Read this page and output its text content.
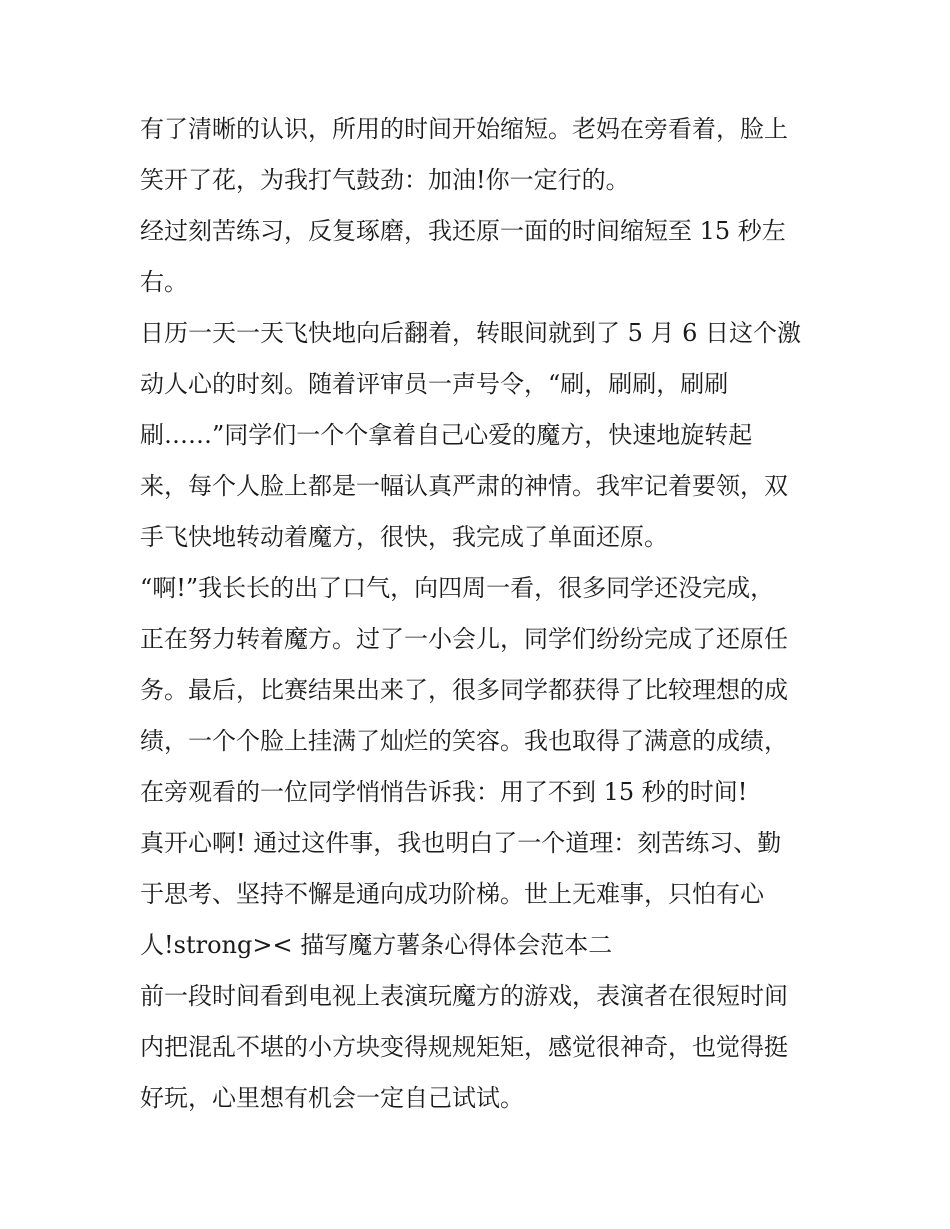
有了清晰的认识，所用的时间开始缩短。老妈在旁看着，脸上

笑开了花，为我打气鼓劲：加油!你一定行的。

经过刻苦练习，反复琢磨，我还原一面的时间缩短至 15 秒左

右。

日历一天一天飞快地向后翻着，转眼间就到了 5 月 6 日这个激

动人心的时刻。随着评审员一声号令，“刷，刷刷，刷刷

刷……”同学们一个个拿着自己心爱的魔方，快速地旋转起

来，每个人脸上都是一幅认真严肃的神情。我牢记着要领，双

手飞快地转动着魔方，很快，我完成了单面还原。

“啊!”我长长的出了口气，向四周一看，很多同学还没完成，

正在努力转着魔方。过了一小会儿，同学们纷纷完成了还原任

务。最后，比赛结果出来了，很多同学都获得了比较理想的成

绩，一个个脸上挂满了灿烂的笑容。我也取得了满意的成绩，

在旁观看的一位同学悄悄告诉我：用了不到 15 秒的时间!

真开心啊! 通过这件事，我也明白了一个道理：刻苦练习、勤

于思考、坚持不懈是通向成功阶梯。世上无难事，只怕有心

人!strong>< 描写魔方薯条心得体会范本二

前一段时间看到电视上表演玩魔方的游戏，表演者在很短时间

内把混乱不堪的小方块变得规规矩矩，感觉很神奇，也觉得挺

好玩，心里想有机会一定自己试试。
